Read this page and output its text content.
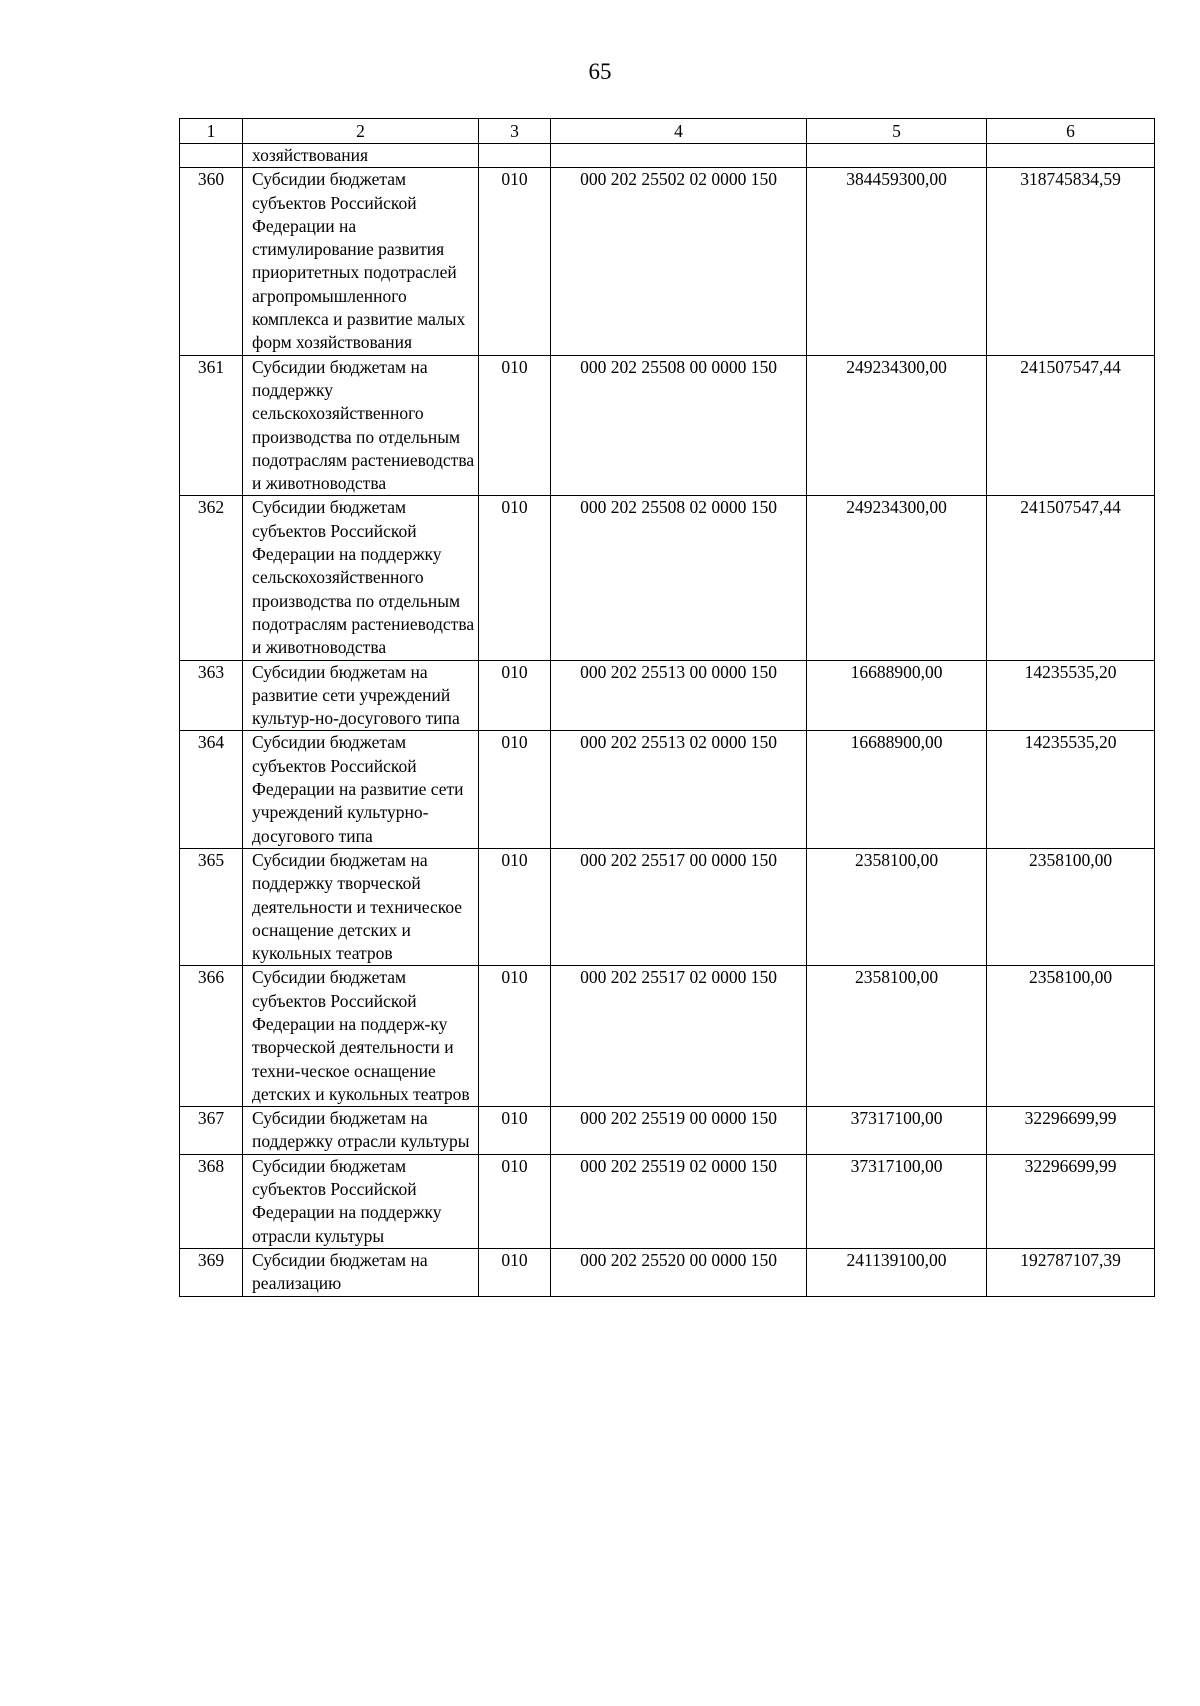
65
1	2	3	4	5	6
	хозяйствования				
360	Субсидии бюджетам субъектов Российской Федерации на стимулирование развития приоритетных подотраслей агропромышленного комплекса и развитие малых форм хозяйствования	010	000 202 25502 02 0000 150	384459300,00	318745834,59
361	Субсидии бюджетам на поддержку сельскохозяйственного производства по отдельным подотраслям растениеводства и животноводства	010	000 202 25508 00 0000 150	249234300,00	241507547,44
362	Субсидии бюджетам субъектов Российской Федерации на поддержку сельскохозяйственного производства по отдельным подотраслям растениеводства и животноводства	010	000 202 25508 02 0000 150	249234300,00	241507547,44
363	Субсидии бюджетам на развитие сети учреждений культур-но-досугового типа	010	000 202 25513 00 0000 150	16688900,00	14235535,20
364	Субсидии бюджетам субъектов Российской Федерации на развитие сети учреждений культурно-досугового типа	010	000 202 25513 02 0000 150	16688900,00	14235535,20
365	Субсидии бюджетам на поддержку творческой деятельности и техническое оснащение детских и кукольных театров	010	000 202 25517 00 0000 150	2358100,00	2358100,00
366	Субсидии бюджетам субъектов Российской Федерации на поддерж-ку творческой деятельности и техни-ческое оснащение детских и кукольных театров	010	000 202 25517 02 0000 150	2358100,00	2358100,00
367	Субсидии бюджетам на поддержку отрасли культуры	010	000 202 25519 00 0000 150	37317100,00	32296699,99
368	Субсидии бюджетам субъектов Российской Федерации на поддержку отрасли культуры	010	000 202 25519 02 0000 150	37317100,00	32296699,99
369	Субсидии бюджетам на реализацию	010	000 202 25520 00 0000 150	241139100,00	192787107,39
